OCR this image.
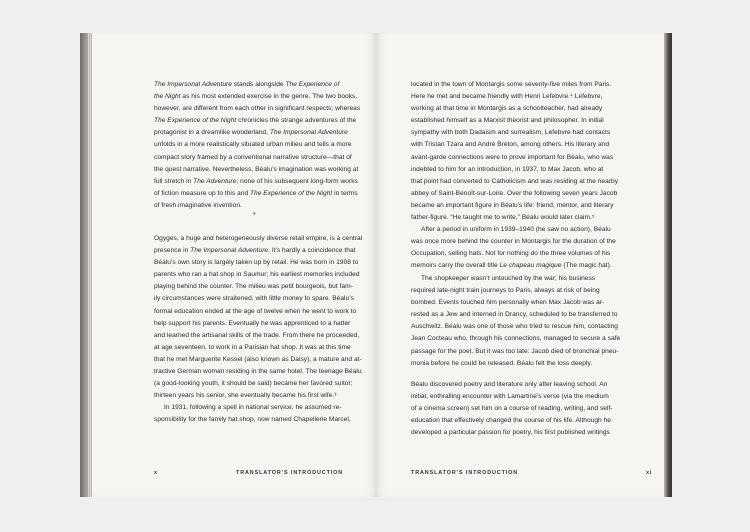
The Impersonal Adventure stands alongside The Experience of
the Night as his most extended exercise in the genre. The two books,
however, are different from each other in significant respects; whereas
The Experience of the Night chronicles the strange adventures of the
protagonist in a dreamlike wonderland, The Impersonal Adventure
unfolds in a more realistically situated urban milieu and tells a more
compact story framed by a conventional narrative structure—that of
the quest narrative. Nevertheless, Béalu’s imagination was working at
full stretch in The Adventure; none of his subsequent long-form works
of fiction measure up to this and The Experience of the Night in terms
of fresh imaginative invention.
*
Ogyges, a huge and heterogeneously diverse retail empire, is a central
presence in The Impersonal Adventure. It’s hardly a coincidence that
Béalu’s own story is largely taken up by retail. He was born in 1908 to
parents who ran a hat shop in Saumur; his earliest memories included
playing behind the counter. The milieu was petit bourgeois, but fam-
ily circumstances were straitened, with little money to spare. Béalu’s
formal education ended at the age of twelve when he went to work to
help support his parents. Eventually he was apprenticed to a hatter
and learned the artisanal skills of the trade. From there he proceeded,
at age seventeen, to work in a Parisian hat shop. It was at this time
that he met Marguerite Kessel (also known as Daisy), a mature and at-
tractive German woman residing in the same hotel. The teenage Béalu
(a good-looking youth, it should be said) became her favored suitor;
thirteen years his senior, she eventually became his first wife.³
In 1931, following a spell in national service, he assumed re-
sponsibility for the family hat shop, now named Chapellerie Marcel,
x	TRANSLATOR’S INTRODUCTION
located in the town of Montargis some seventy-five miles from Paris.
Here he met and became friendly with Henri Lefebvre.⁴ Lefebvre,
working at that time in Montargis as a schoolteacher, had already
established himself as a Marxist theorist and philosopher. In initial
sympathy with both Dadaism and surrealism, Lefebvre had contacts
with Tristan Tzara and André Breton, among others. His literary and
avant-garde connections were to prove important for Béalu, who was
indebted to him for an introduction, in 1937, to Max Jacob, who at
that point had converted to Catholicism and was residing at the nearby
abbey of Saint-Benoît-sur-Loire. Over the following seven years Jacob
became an important figure in Béalu’s life: friend, mentor, and literary
father-figure. “He taught me to write,” Béalu would later claim.⁵
After a period in uniform in 1939–1940 (he saw no action), Béalu
was once more behind the counter in Montargis for the duration of the
Occupation, selling hats. Not for nothing do the three volumes of his
memoirs carry the overall title Le chapeau magique (The magic hat).
The shopkeeper wasn’t untouched by the war; his business
required late-night train journeys to Paris, always at risk of being
bombed. Events touched him personally when Max Jacob was ar-
rested as a Jew and interned in Drancy, scheduled to be transferred to
Auschwitz. Béalu was one of those who tried to rescue him, contacting
Jean Cocteau who, through his connections, managed to secure a safe
passage for the poet. But it was too late: Jacob died of bronchial pneu-
monia before he could be released. Béalu felt the loss deeply.
Béalu discovered poetry and literature only after leaving school. An
initial, enthralling encounter with Lamartine’s verse (via the medium
of a cinema screen) set him on a course of reading, writing, and self-
education that effectively changed the course of his life. Although he
developed a particular passion for poetry, his first published writings
TRANSLATOR’S INTRODUCTION	xi
